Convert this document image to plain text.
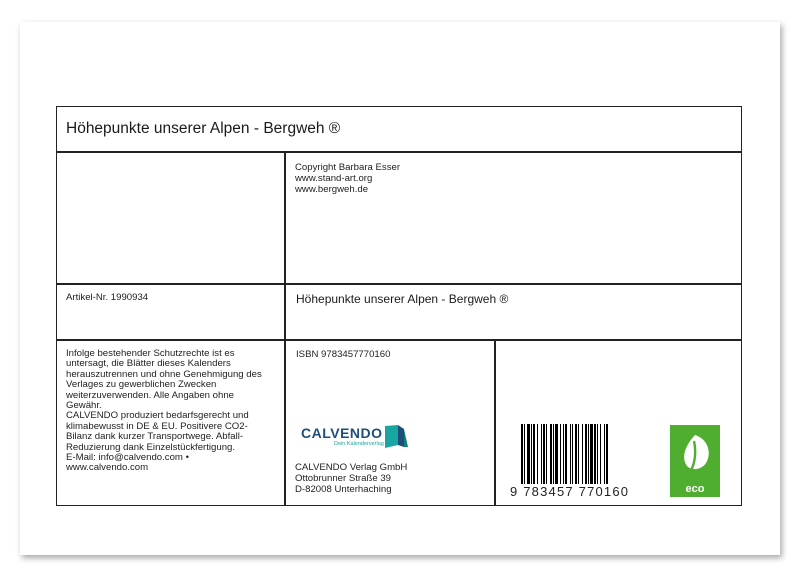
Höhepunkte unserer Alpen - Bergweh ®
Copyright Barbara Esser
www.stand-art.org
www.bergweh.de
Artikel-Nr. 1990934	Höhepunkte unserer Alpen - Bergweh ®
Infolge bestehender Schutzrechte ist es
untersagt, die Blätter dieses Kalenders
herauszutrennen und ohne Genehmigung des
Verlages zu gewerblichen Zwecken
weiterzuverwenden. Alle Angaben ohne
Gewähr.
CALVENDO produziert bedarfsgerecht und
klimabewusst in DE & EU. Positivere CO2-
Bilanz dank kurzer Transportwege. Abfall-
Reduzierung dank Einzelstückfertigung.
E-Mail: info@calvendo.com •
www.calvendo.com
ISBN 9783457770160
CALVENDO
Dein Kalenderverlag
CALVENDO Verlag GmbH
Ottobrunner Straße 39
D-82008 Unterhaching	9 783457 770160	eco
